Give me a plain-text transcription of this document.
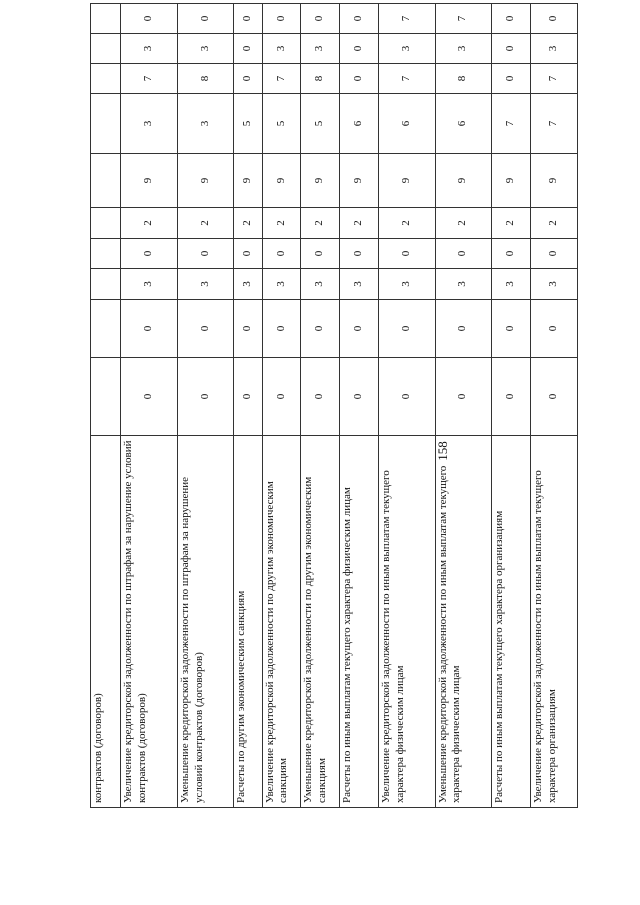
158
контрактов (договоров)										
Увеличение кредиторской задолженности по штрафам за нарушение условий контрактов (договоров)	0	0	3	0	2	9	3	7	3	0
Уменьшение кредиторской задолженности по штрафам за нарушение условий контрактов (договоров)	0	0	3	0	2	9	3	8	3	0
Расчеты по другим экономическим санкциям	0	0	3	0	2	9	5	0	0	0
Увеличение кредиторской задолженности по другим экономическим санкциям	0	0	3	0	2	9	5	7	3	0
Уменьшение кредиторской задолженности по другим экономическим санкциям	0	0	3	0	2	9	5	8	3	0
Расчеты по иным выплатам текущего характера физическим лицам	0	0	3	0	2	9	6	0	0	0
Увеличение кредиторской задолженности по иным выплатам текущего характера физическим лицам	0	0	3	0	2	9	6	7	3	7
Уменьшение кредиторской задолженности по иным выплатам текущего характера физическим лицам	0	0	3	0	2	9	6	8	3	7
Расчеты по иным выплатам текущего характера организациям	0	0	3	0	2	9	7	0	0	0
Увеличение кредиторской задолженности по иным выплатам текущего характера организациям	0	0	3	0	2	9	7	7	3	0
